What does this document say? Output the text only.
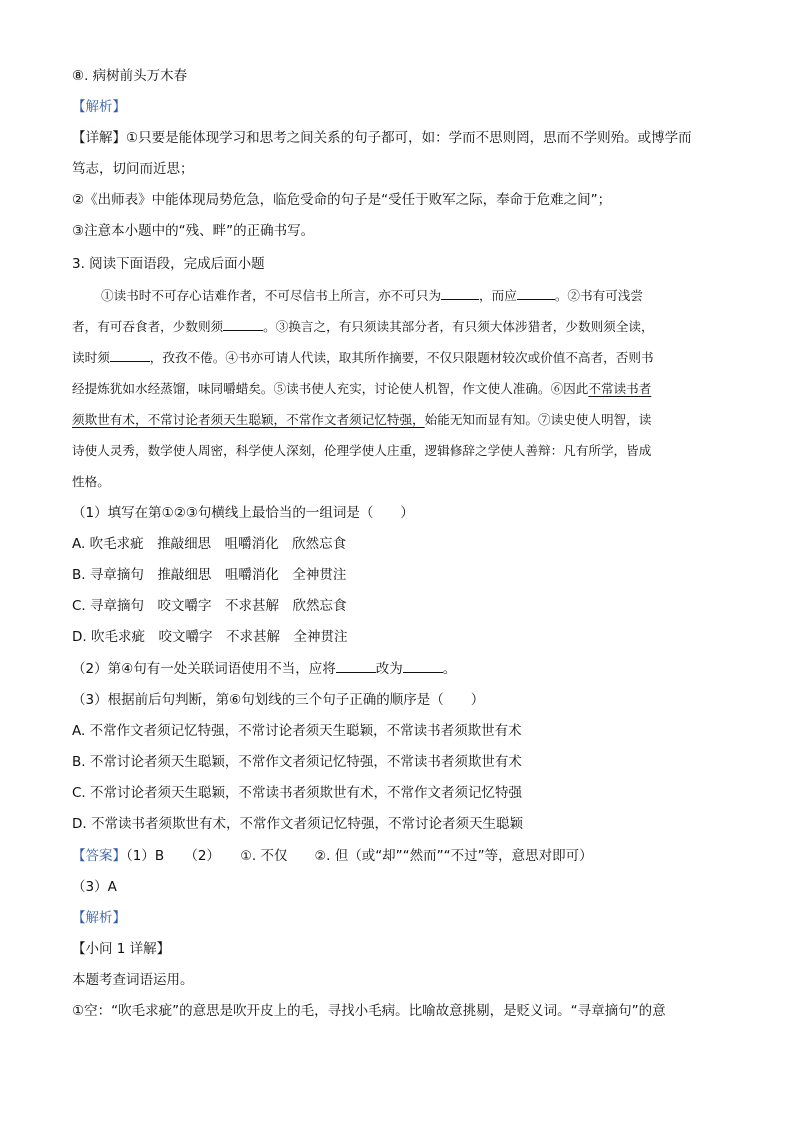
⑧. 病树前头万木春
【解析】
【详解】①只要是能体现学习和思考之间关系的句子都可，如：学而不思则罔，思而不学则殆。或博学而
笃志，切问而近思；
②《出师表》中能体现局势危急，临危受命的句子是“受任于败军之际，奉命于危难之间”；
③注意本小题中的“残、畔”的正确书写。
3. 阅读下面语段，完成后面小题
①读书时不可存心诘难作者，不可尽信书上所言，亦不可只为	，而应	。②书有可浅尝
者，有可吞食者，少数则须	。③换言之，有只须读其部分者，有只须大体涉猎者，少数则须全读，
读时须	，孜孜不倦。④书亦可请人代读，取其所作摘要，不仅只限题材较次或价值不高者，否则书
经提炼犹如水经蒸馏，味同嚼蜡矣。⑤读书使人充实，讨论使人机智，作文使人准确。⑥因此不常读书者
须欺世有术，不常讨论者须天生聪颖，不常作文者须记忆特强，始能无知而显有知。⑦读史使人明智，读
诗使人灵秀，数学使人周密，科学使人深刻，伦理学使人庄重，逻辑修辞之学使人善辩：凡有所学，皆成
性格。
（1）填写在第①②③句横线上最恰当的一组词是（　　）
A. 吹毛求疵　推敲细思　咀嚼消化　欣然忘食
B. 寻章摘句　推敲细思　咀嚼消化　全神贯注
C. 寻章摘句　咬文嚼字　不求甚解　欣然忘食
D. 吹毛求疵　咬文嚼字　不求甚解　全神贯注
（2）第④句有一处关联词语使用不当，应将	改为	。
（3）根据前后句判断，第⑥句划线的三个句子正确的顺序是（　　）
A. 不常作文者须记忆特强，不常讨论者须天生聪颖，不常读书者须欺世有术
B. 不常讨论者须天生聪颖，不常作文者须记忆特强，不常读书者须欺世有术
C. 不常讨论者须天生聪颖，不常读书者须欺世有术，不常作文者须记忆特强
D. 不常读书者须欺世有术，不常作文者须记忆特强，不常讨论者须天生聪颖
【答案】（1）B　　（2）　　①. 不仅　　②. 但（或“却”“然而”“不过”等，意思对即可）
（3）A
【解析】
【小问 1 详解】
本题考查词语运用。
①空：“吹毛求疵”的意思是吹开皮上的毛，寻找小毛病。比喻故意挑剔，是贬义词。“寻章摘句”的意
